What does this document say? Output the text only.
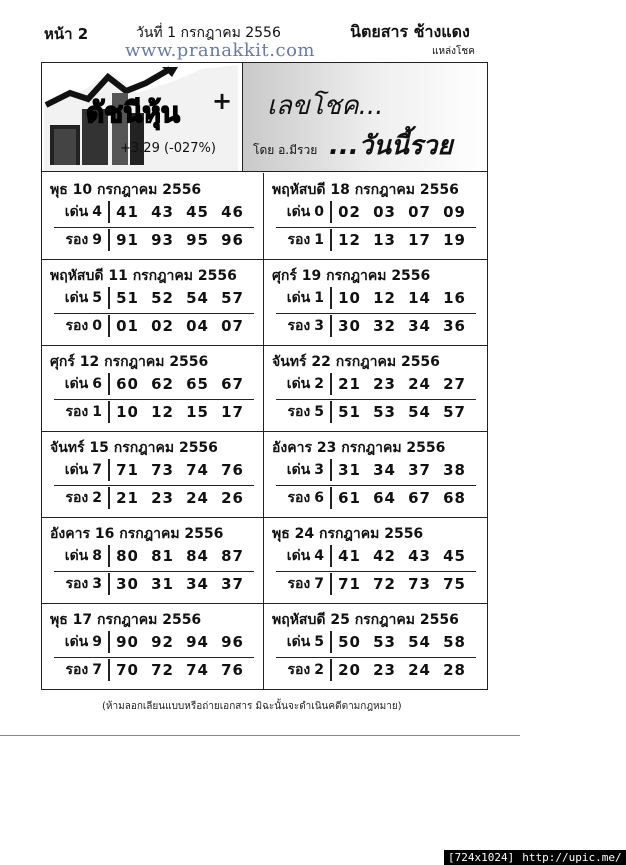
หน้า 2	วันที่ 1 กรกฎาคม 2556	นิตยสาร ช้างแดง
แหล่งโชค
www.pranakkit.com
ดัชนีหุ้น +
+3.29 (-027%)
เลขโชค...
โดย อ.มีรวย ...วันนี้รวย
พุธ 10 กรกฎาคม 2556
เด่น 4 41 43 45 46
รอง 9 91 93 95 96
พฤหัสบดี 11 กรกฎาคม 2556
เด่น 5 51 52 54 57
รอง 0 01 02 04 07
ศุกร์ 12 กรกฎาคม 2556
เด่น 6 60 62 65 67
รอง 1 10 12 15 17
จันทร์ 15 กรกฎาคม 2556
เด่น 7 71 73 74 76
รอง 2 21 23 24 26
อังคาร 16 กรกฎาคม 2556
เด่น 8 80 81 84 87
รอง 3 30 31 34 37
พุธ 17 กรกฎาคม 2556
เด่น 9 90 92 94 96
รอง 7 70 72 74 76
พฤหัสบดี 18 กรกฎาคม 2556
เด่น 0 02 03 07 09
รอง 1 12 13 17 19
ศุกร์ 19 กรกฎาคม 2556
เด่น 1 10 12 14 16
รอง 3 30 32 34 36
จันทร์ 22 กรกฎาคม 2556
เด่น 2 21 23 24 27
รอง 5 51 53 54 57
อังคาร 23 กรกฎาคม 2556
เด่น 3 31 34 37 38
รอง 6 61 64 67 68
พุธ 24 กรกฎาคม 2556
เด่น 4 41 42 43 45
รอง 7 71 72 73 75
พฤหัสบดี 25 กรกฎาคม 2556
เด่น 5 50 53 54 58
รอง 2 20 23 24 28
(ห้ามลอกเลียนแบบหรือถ่ายเอกสาร มิฉะนั้นจะดำเนินคดีตามกฎหมาย)
[724x1024] http://upic.me/
